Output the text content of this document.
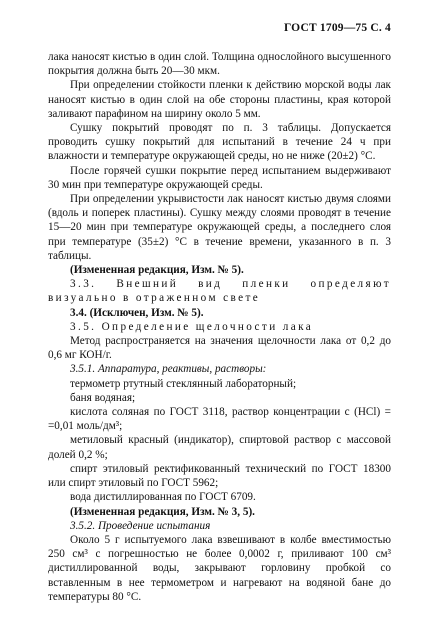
ГОСТ 1709—75 С. 4

лака наносят кистью в один слой. Толщина однослойного высушенного покрытия должна быть 20—30 мкм.

При определении стойкости пленки к действию морской воды лак наносят кистью в один слой на обе стороны пластины, края которой заливают парафином на ширину около 5 мм.

Сушку покрытий проводят по п. 3 таблицы. Допускается проводить сушку покрытий для испытаний в течение 24 ч при влажности и температуре окружающей среды, но не ниже (20±2) °С.

После горячей сушки покрытие перед испытанием выдерживают 30 мин при температуре окружающей среды.

При определении укрывистости лак наносят кистью двумя слоями (вдоль и поперек пластины). Сушку между слоями проводят в течение 15—20 мин при температуре окружающей среды, а последнего слоя при температуре (35±2) °С в течение времени, указанного в п. 3 таблицы.

(Измененная редакция, Изм. № 5).

3.3. Внешний вид пленки определяют визуально в отраженном свете

3.4. (Исключен, Изм. № 5).

3.5. Определение щелочности лака

Метод распространяется на значения щелочности лака от 0,2 до 0,6 мг КОН/г.

3.5.1. Аппаратура, реактивы, растворы:

термометр ртутный стеклянный лабораторный;

баня водяная;

кислота соляная по ГОСТ 3118, раствор концентрации с (HCl) = =0,01 моль/дм³;

метиловый красный (индикатор), спиртовой раствор с массовой долей 0,2 %;

спирт этиловый ректификованный технический по ГОСТ 18300 или спирт этиловый по ГОСТ 5962;

вода дистиллированная по ГОСТ 6709.

(Измененная редакция, Изм. № 3, 5).

3.5.2. Проведение испытания

Около 5 г испытуемого лака взвешивают в колбе вместимостью 250 см³ с погрешностью не более 0,0002 г, приливают 100 см³ дистиллированной воды, закрывают горловину пробкой со вставленным в нее термометром и нагревают на водяной бане до температуры 80 °С.
